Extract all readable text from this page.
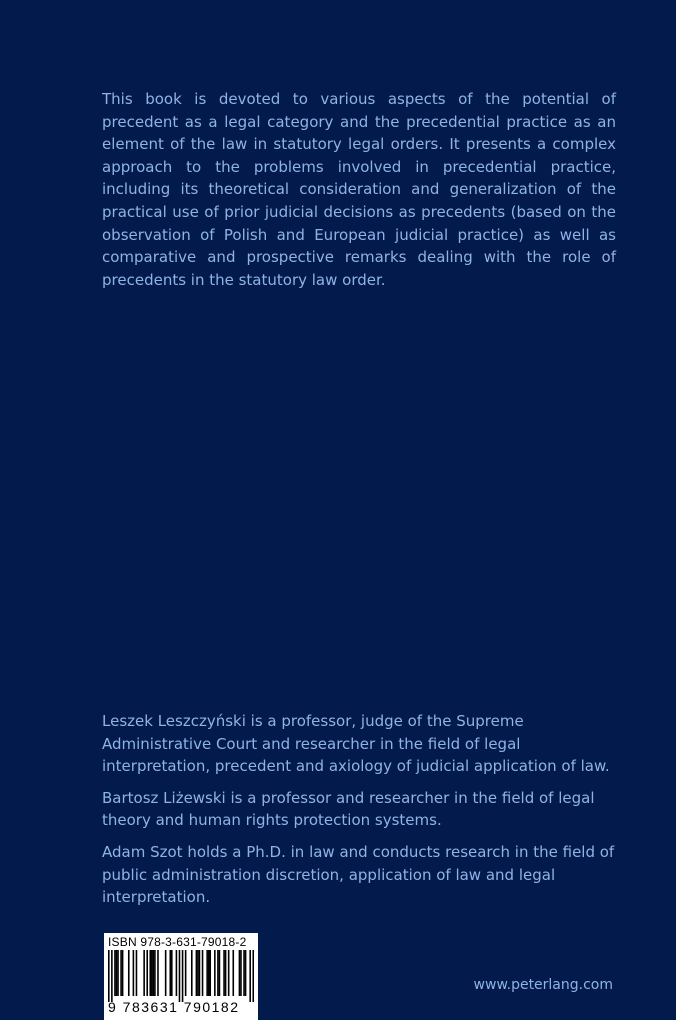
This book is devoted to various aspects of the potential of precedent as a legal category and the precedential practice as an element of the law in statutory legal orders. It presents a complex approach to the problems involved in precedential practice, including its theoretical consideration and generalization of the practical use of prior judicial decisions as precedents (based on the observation of Polish and European judicial practice) as well as comparative and prospective remarks dealing with the role of precedents in the statutory law order.

Leszek Leszczyński is a professor, judge of the Supreme Administrative Court and researcher in the field of legal interpretation, precedent and axiology of judicial application of law.

Bartosz Liżewski is a professor and researcher in the field of legal theory and human rights protection systems.

Adam Szot holds a Ph.D. in law and conducts research in the field of public administration discretion, application of law and legal interpretation.

ISBN 978-3-631-79018-2
9 783631 790182
www.peterlang.com
